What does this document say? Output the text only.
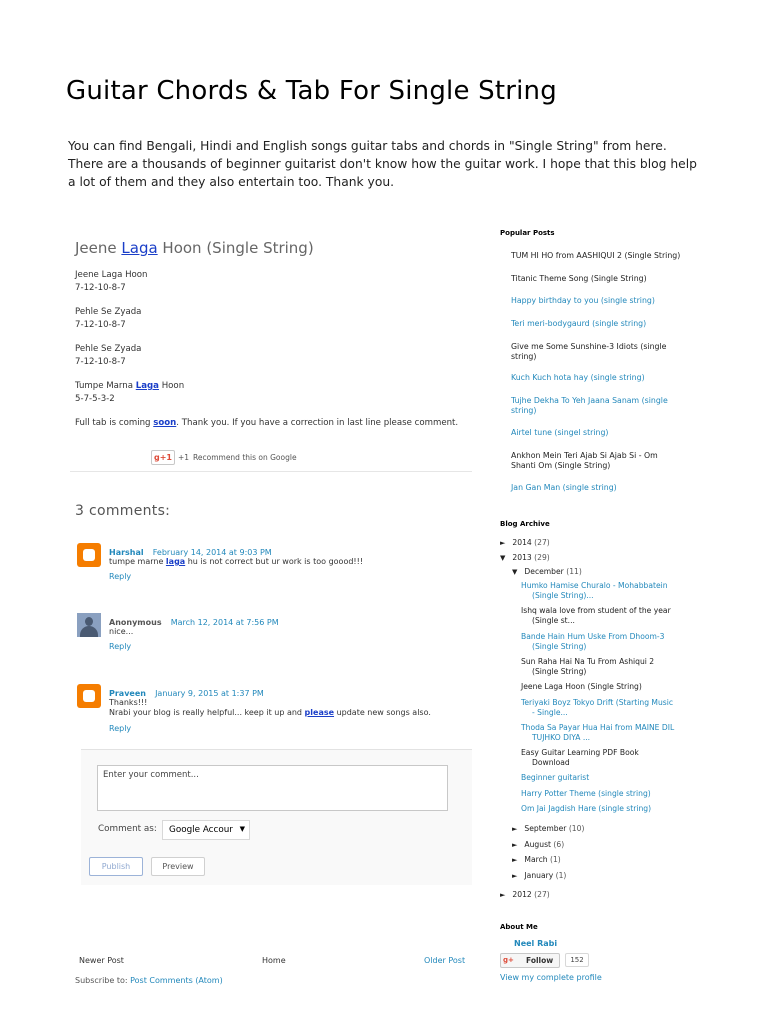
Guitar Chords & Tab For Single String
You can find Bengali, Hindi and English songs guitar tabs and chords in "Single String" from here. There are a thousands of beginner guitarist don't know how the guitar work. I hope that this blog help a lot of them and they also entertain too. Thank you.
Jeene Laga Hoon (Single String)
Jeene Laga Hoon
7-12-10-8-7
Pehle Se Zyada
7-12-10-8-7
Pehle Se Zyada
7-12-10-8-7
Tumpe Marna Laga Hoon
5-7-5-3-2
Full tab is coming soon. Thank you. If you have a correction in last line please comment.
g+1 +1 Recommend this on Google
3 comments:
Harshal February 14, 2014 at 9:03 PM
tumpe marne laga hu is not correct but ur work is too goood!!!
Reply
Anonymous March 12, 2014 at 7:56 PM
nice...
Reply
Praveen January 9, 2015 at 1:37 PM
Thanks!!!
Nrabi your blog is really helpful... keep it up and please update new songs also.
Reply
Enter your comment...
Comment as:	Google Accour ▼
Publish	Preview
Newer Post	Home	Older Post
Subscribe to: Post Comments (Atom)
Popular Posts
TUM HI HO from AASHIQUI 2 (Single String)
Titanic Theme Song (Single String)
Happy birthday to you (single string)
Teri meri-bodygaurd (single string)
Give me Some Sunshine-3 Idiots (single string)
Kuch Kuch hota hay (single string)
Tujhe Dekha To Yeh Jaana Sanam (single string)
Airtel tune (singel string)
Ankhon Mein Teri Ajab Si Ajab Si - Om Shanti Om (Single String)
Jan Gan Man (single string)
Blog Archive
► 2014 (27)
▼ 2013 (29)
▼ December (11)
Humko Hamise Churalo - Mohabbatein
(Single String)...
Ishq wala love from student of the year
(Single st...
Bande Hain Hum Uske From Dhoom-3
(Single String)
Sun Raha Hai Na Tu From Ashiqui 2
(Single String)
Jeene Laga Hoon (Single String)
Teriyaki Boyz Tokyo Drift (Starting Music
- Single...
Thoda Sa Payar Hua Hai from MAINE DIL
TUJHKO DIYA ...
Easy Guitar Learning PDF Book
Download
Beginner guitarist
Harry Potter Theme (single string)
Om Jai Jagdish Hare (single string)
► September (10)
► August (6)
► March (1)
► January (1)
► 2012 (27)
About Me
Neel Rabi
g+ Follow	152
View my complete profile
